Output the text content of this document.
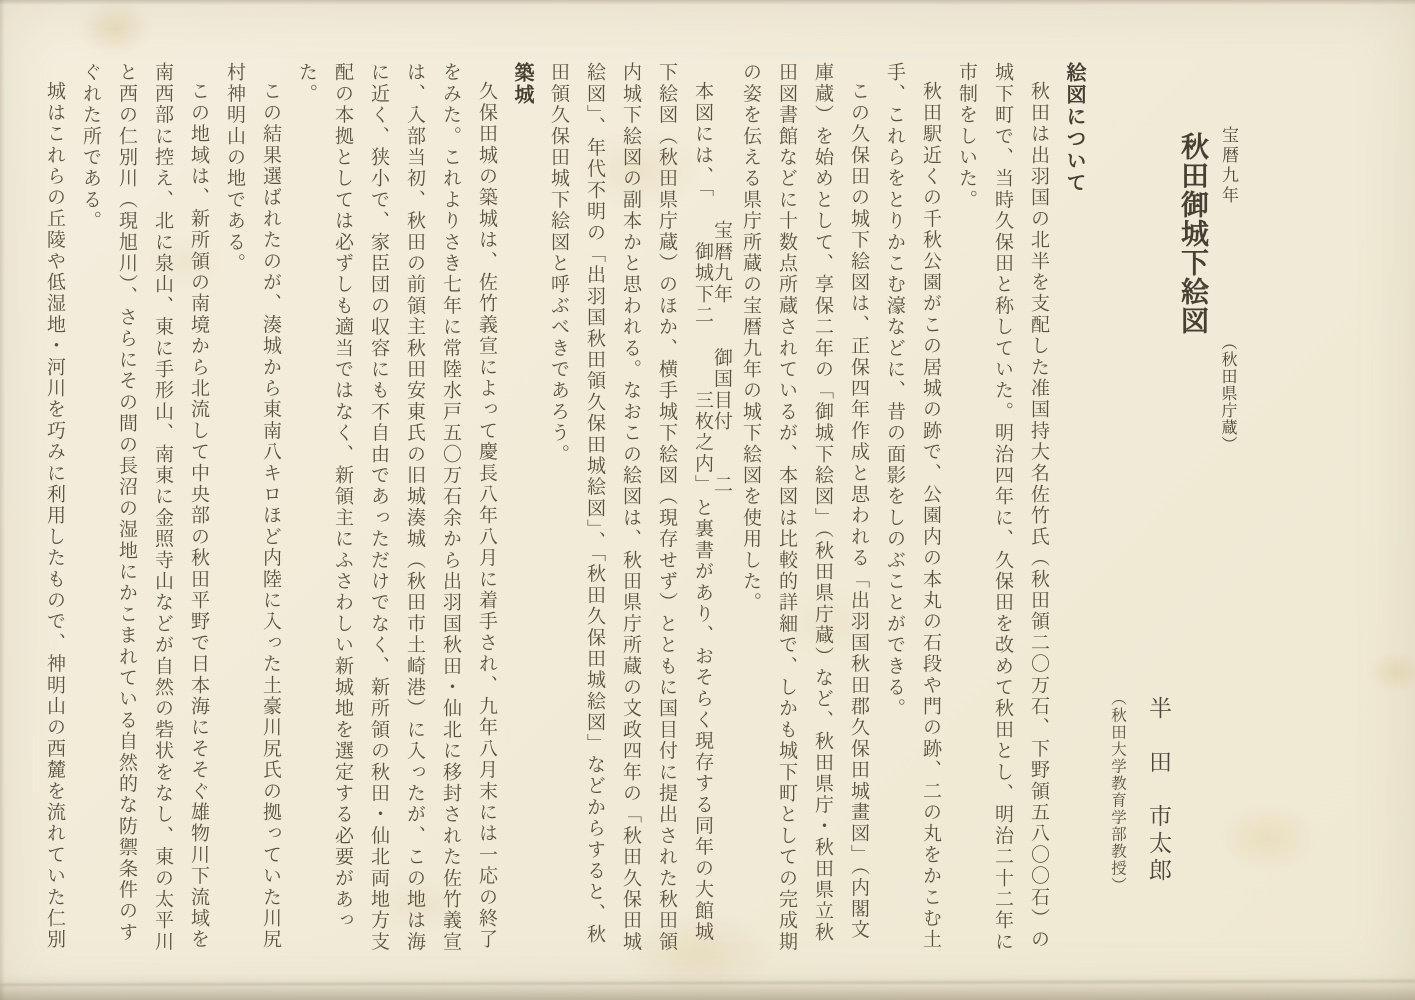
宝暦九年
秋田御城下絵図
（秋田県庁蔵）
半　田　市太郎
（秋田大学教育学部教授）
絵図について

秋田は出羽国の北半を支配した准国持大名佐竹氏（秋田領二〇万石、下野領五八〇〇石）の城下町で、当時久保田と称していた。明治四年に、久保田を改めて秋田とし、明治二十二年に市制をしいた。

秋田駅近くの千秋公園がこの居城の跡で、公園内の本丸の石段や門の跡、二の丸をかこむ土手、これらをとりかこむ濠などに、昔の面影をしのぶことができる。

この久保田の城下絵図は、正保四年作成と思われる「出羽国秋田郡久保田城畫図」（内閣文庫蔵）を始めとして、享保二年の「御城下絵図」（秋田県庁蔵）など、秋田県庁・秋田県立秋田図書館などに十数点所蔵されているが、本図は比較的詳細で、しかも城下町としての完成期の姿を伝える県庁所蔵の宝暦九年の城下絵図を使用した。

本図には、「
宝暦九年　　御国目付　　二
　御城下二　　　三枚之内」
と裏書があり、おそらく現存する同年の大館城下絵図（秋田県庁蔵）のほか、横手城下絵図（現存せず）とともに国目付に提出された秋田領内城下絵図の副本かと思われる。なおこの絵図は、秋田県庁所蔵の文政四年の「秋田久保田城絵図」、年代不明の「出羽国秋田領久保田城絵図」、「秋田久保田城絵図」などからすると、秋田領久保田城下絵図と呼ぶべきであろう。

築城

久保田城の築城は、佐竹義宣によって慶長八年八月に着手され、九年八月末には一応の終了をみた。これよりさき七年に常陸水戸五〇万石余から出羽国秋田・仙北に移封された佐竹義宣は、入部当初、秋田の前領主秋田安東氏の旧城湊城（秋田市土崎港）に入ったが、この地は海に近く、狭小で、家臣団の収容にも不自由であっただけでなく、新所領の秋田・仙北両地方支配の本拠としては必ずしも適当ではなく、新領主にふさわしい新城地を選定する必要があった。

この結果選ばれたのが、湊城から東南八キロほど内陸に入った土豪川尻氏の拠っていた川尻村神明山の地である。

この地域は、新所領の南境から北流して中央部の秋田平野で日本海にそそぐ雄物川下流域を南西部に控え、北に泉山、東に手形山、南東に金照寺山などが自然の砦状をなし、東の太平川と西の仁別川（現旭川）、さらにその間の長沼の湿地にかこまれている自然的な防禦条件のすぐれた所である。

城はこれらの丘陵や低湿地・河川を巧みに利用したもので、神明山の西麓を流れていた仁別
